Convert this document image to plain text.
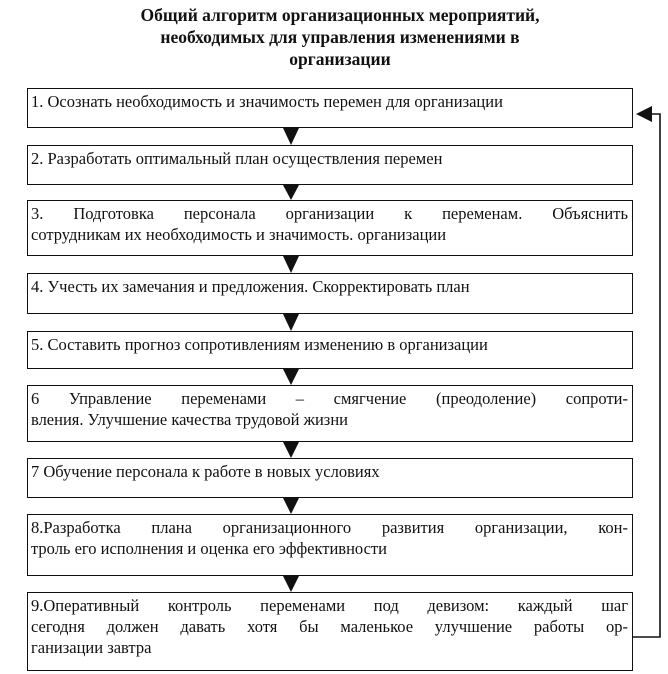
Общий алгоритм организационных мероприятий,
необходимых для управления изменениями в
организации
1. Осознать необходимость и значимость перемен для организации
2. Разработать оптимальный план осуществления перемен
3. Подготовка персонала организации к переменам. Объяснить
сотрудникам их необходимость и значимость. организации
4. Учесть их замечания и предложения. Скорректировать план
5. Составить прогноз сопротивлениям изменению в организации
6 Управление переменами – смягчение (преодоление) сопроти-
вления. Улучшение качества трудовой жизни
7 Обучение персонала к работе в новых условиях
8.Разработка плана организационного развития организации, кон-
троль его исполнения и оценка его эффективности
9.Оперативный контроль переменами под девизом: каждый шаг
сегодня должен давать хотя бы маленькое улучшение работы ор-
ганизации завтра
